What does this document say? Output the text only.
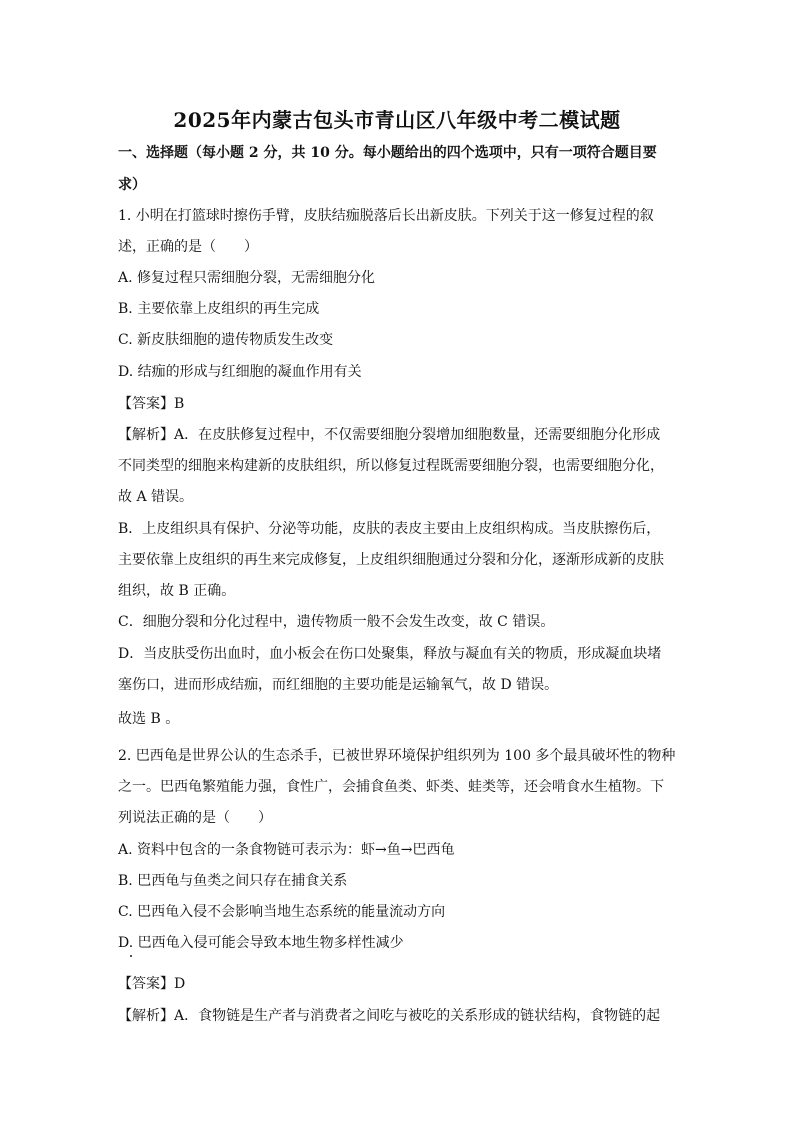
2025年内蒙古包头市青山区八年级中考二模试题
一、选择题（每小题 2 分，共 10 分。每小题给出的四个选项中，只有一项符合题目要
求）
1. 小明在打篮球时擦伤手臂，皮肤结痂脱落后长出新皮肤。下列关于这一修复过程的叙
述，正确的是（　　）
A. 修复过程只需细胞分裂，无需细胞分化
B. 主要依靠上皮组织的再生完成
C. 新皮肤细胞的遗传物质发生改变
D. 结痂的形成与红细胞的凝血作用有关
【答案】B
【解析】A．在皮肤修复过程中，不仅需要细胞分裂增加细胞数量，还需要细胞分化形成
不同类型的细胞来构建新的皮肤组织，所以修复过程既需要细胞分裂，也需要细胞分化，
故 A 错误。
B．上皮组织具有保护、分泌等功能，皮肤的表皮主要由上皮组织构成。当皮肤擦伤后，
主要依靠上皮组织的再生来完成修复，上皮组织细胞通过分裂和分化，逐渐形成新的皮肤
组织，故 B 正确。
C．细胞分裂和分化过程中，遗传物质一般不会发生改变，故 C 错误。
D．当皮肤受伤出血时，血小板会在伤口处聚集，释放与凝血有关的物质，形成凝血块堵
塞伤口，进而形成结痂，而红细胞的主要功能是运输氧气，故 D 错误。
故选 B 。
2. 巴西龟是世界公认的生态杀手，已被世界环境保护组织列为 100 多个最具破坏性的物种
之一。巴西龟繁殖能力强，食性广，会捕食鱼类、虾类、蛙类等，还会啃食水生植物。下
列说法正确的是（　　）
A. 资料中包含的一条食物链可表示为：虾→鱼→巴西龟
B. 巴西龟与鱼类之间只存在捕食关系
C. 巴西龟入侵不会影响当地生态系统的能量流动方向
D. 巴西龟入侵可能会导致本地生物多样性减少
【答案】D
【解析】A．食物链是生产者与消费者之间吃与被吃的关系形成的链状结构，食物链的起
